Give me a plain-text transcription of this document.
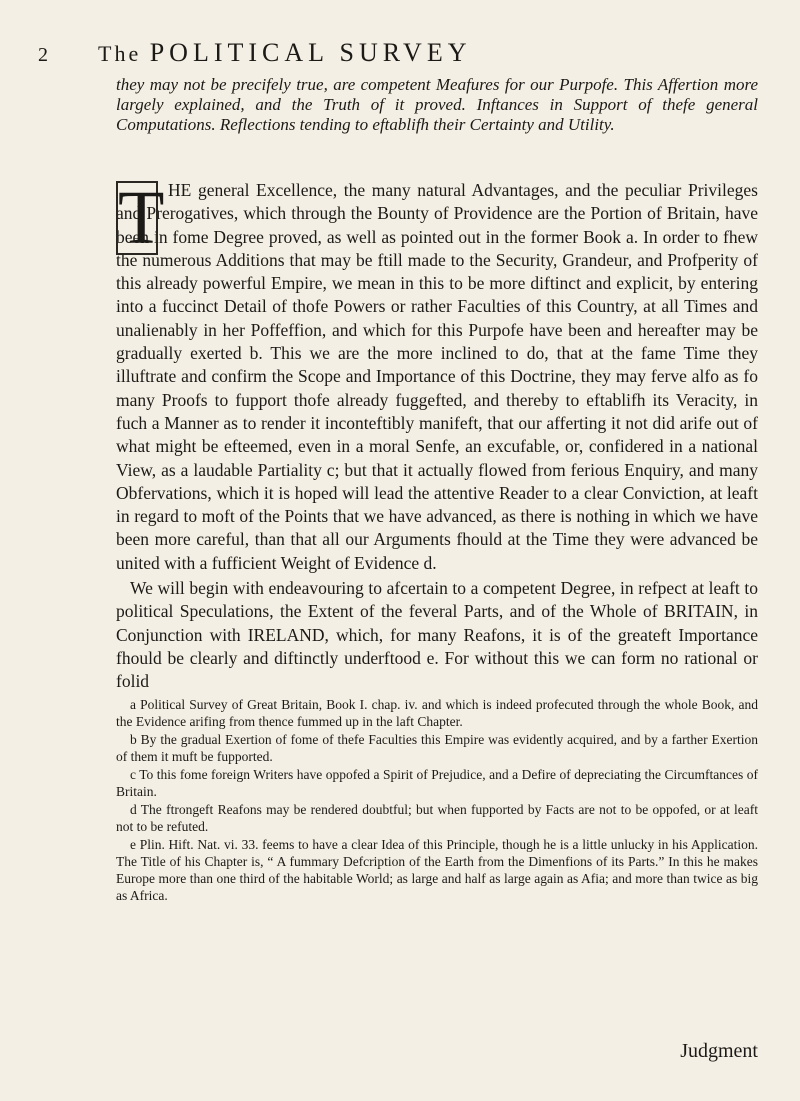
2 The POLITICAL SURVEY
they may not be precifely true, are competent Meafures for our Purpofe. This Affertion more largely explained, and the Truth of it proved. Inftances in Support of thefe general Computations. Reflections tending to eftablifh their Certainty and Utility.
T HE general Excellence, the many natural Advantages, and the peculiar Privileges and Prerogatives, which through the Bounty of Providence are the Portion of Britain, have been in fome Degree proved, as well as pointed out in the former Book a. In order to fhew the numerous Additions that may be ftill made to the Security, Grandeur, and Profperity of this already powerful Empire, we mean in this to be more diftinct and explicit, by entering into a fuccinct Detail of thofe Powers or rather Faculties of this Country, at all Times and unalienably in her Poffeffion, and which for this Purpofe have been and hereafter may be gradually exerted b. This we are the more inclined to do, that at the fame Time they illuftrate and confirm the Scope and Importance of this Doctrine, they may ferve alfo as fo many Proofs to fupport thofe already fuggefted, and thereby to eftablifh its Veracity, in fuch a Manner as to render it inconteftibly manifeft, that our afferting it not did arife out of what might be efteemed, even in a moral Senfe, an excufable, or, confidered in a national View, as a laudable Partiality c; but that it actually flowed from ferious Enquiry, and many Obfervations, which it is hoped will lead the attentive Reader to a clear Conviction, at leaft in regard to moft of the Points that we have advanced, as there is nothing in which we have been more careful, than that all our Arguments fhould at the Time they were advanced be united with a fufficient Weight of Evidence d.

We will begin with endeavouring to afcertain to a competent Degree, in refpect at leaft to political Speculations, the Extent of the feveral Parts, and of the Whole of BRITAIN, in Conjunction with IRELAND, which, for many Reafons, it is of the greateft Importance fhould be clearly and diftinctly underftood e. For without this we can form no rational or folid

a Political Survey of Great Britain, Book I. chap. iv. and which is indeed profecuted through the whole Book, and the Evidence arifing from thence fummed up in the laft Chapter.

b By the gradual Exertion of fome of thefe Faculties this Empire was evidently acquired, and by a farther Exertion of them it muft be fupported.

c To this fome foreign Writers have oppofed a Spirit of Prejudice, and a Defire of depreciating the Circumftances of Britain.

d The ftrongeft Reafons may be rendered doubtful; but when fupported by Facts are not to be oppofed, or at leaft not to be refuted.

e Plin. Hift. Nat. vi. 33. feems to have a clear Idea of this Principle, though he is a little unlucky in his Application. The Title of his Chapter is, “ A fummary Defcription of the Earth from the Dimenfions of its Parts.” In this he makes Europe more than one third of the habitable World; as large and half as large again as Afia; and more than twice as big as Africa.

Judgment
